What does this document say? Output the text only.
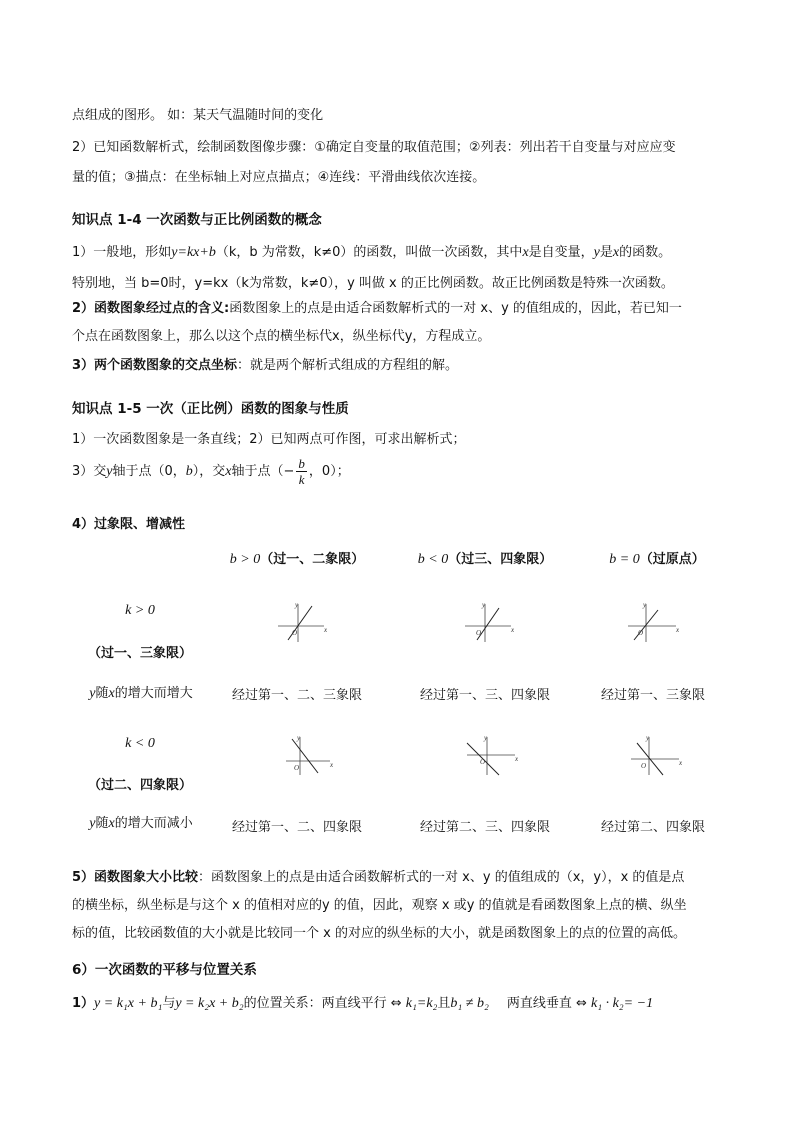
点组成的图形。 如：某天气温随时间的变化
2）已知函数解析式，绘制函数图像步骤：①确定自变量的取值范围；②列表：列出若干自变量与对应应变
量的值；③描点：在坐标轴上对应点描点；④连线：平滑曲线依次连接。
知识点 1-4 一次函数与正比例函数的概念
1）一般地，形如y=kx+b（k，b 为常数，k≠0）的函数，叫做一次函数，其中x是自变量，y是x的函数。
特别地，当 b=0时，y=kx（k为常数，k≠0），y 叫做 x 的正比例函数。故正比例函数是特殊一次函数。
2）函数图象经过点的含义:函数图象上的点是由适合函数解析式的一对 x、y 的值组成的，因此，若已知一
个点在函数图象上，那么以这个点的横坐标代x，纵坐标代y，方程成立。
3）两个函数图象的交点坐标：就是两个解析式组成的方程组的解。
知识点 1-5 一次（正比例）函数的图象与性质
1）一次函数图象是一条直线；2）已知两点可作图，可求出解析式；
3）交y轴于点（0，b），交x轴于点（− $\frac{b}{k}$ ，0）；
4）过象限、增减性
b > 0（过一、二象限）	b < 0（过三、四象限）	b = 0（过原点）
k > 0
（过一、三象限）
y随x的增大而增大
y
x
O
y
x
O
y
x
O
经过第一、二、三象限	经过第一、三、四象限	经过第一、三象限
k < 0
（过二、四象限）
y随x的增大而减小
y
x
O
y
x
O
y
x
O
经过第一、二、四象限	经过第二、三、四象限	经过第二、四象限
5）函数图象大小比较：函数图象上的点是由适合函数解析式的一对 x、y 的值组成的（x，y），x 的值是点
的横坐标，纵坐标是与这个 x 的值相对应的y 的值，因此，观察 x 或y 的值就是看函数图象上点的横、纵坐
标的值，比较函数值的大小就是比较同一个 x 的对应的纵坐标的大小，就是函数图象上的点的位置的高低。
6）一次函数的平移与位置关系
1）y = k₁x + b₁与y = k₂x + b₂的位置关系：两直线平行 ⇔ k₁=k₂且b₁ ≠ b₂ 两直线垂直 ⇔ k₁ · k₂= −1
